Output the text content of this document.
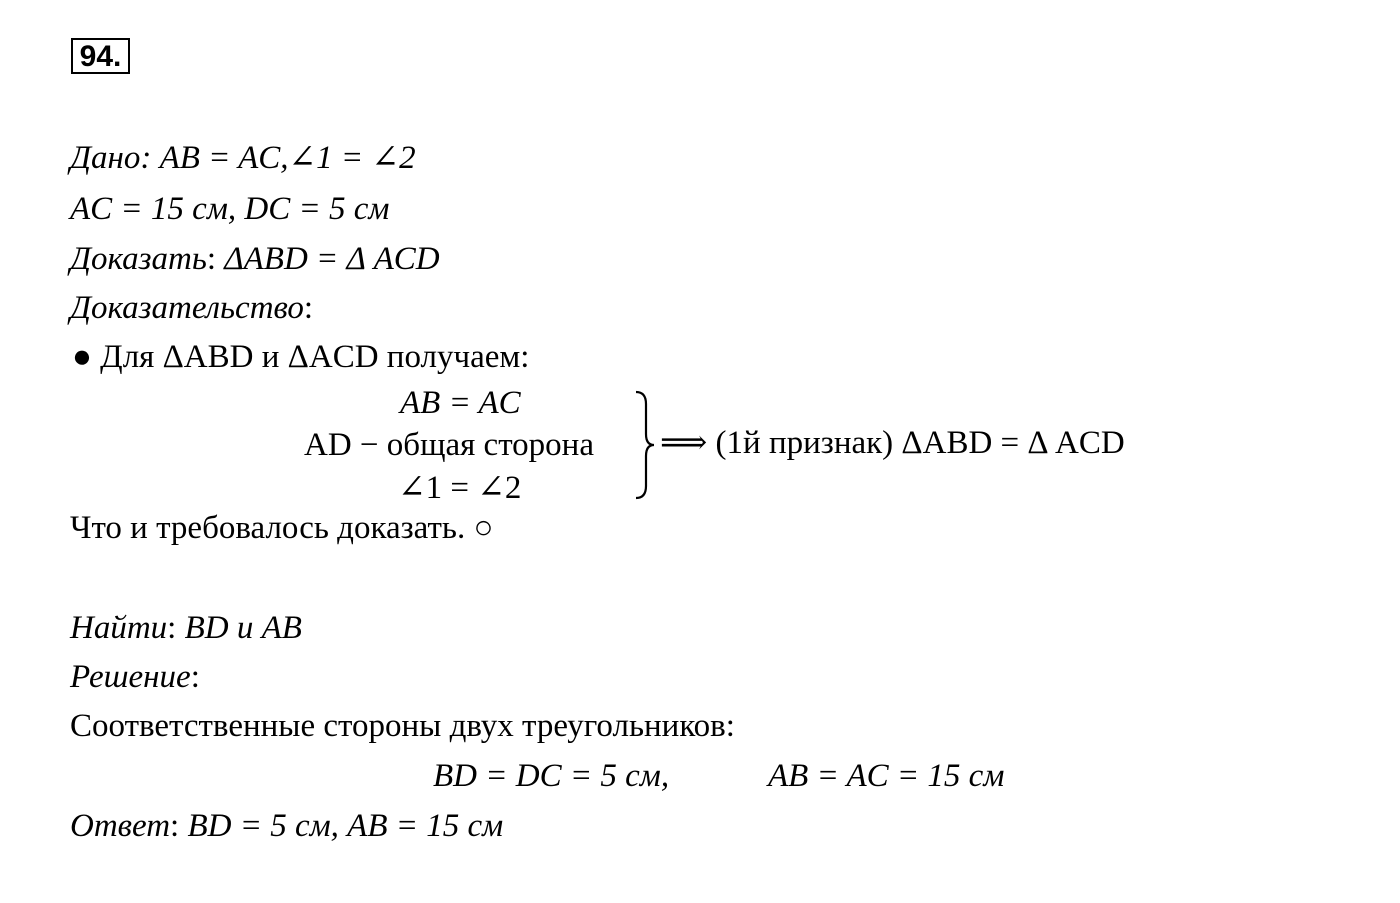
94.
Дано: AB = AC,∠1 = ∠2
AC = 15 см, DC = 5 см
Доказать: ΔABD = Δ ACD
Доказательство:
● Для ΔABD и ΔACD получаем:
AB = AC
AD − общая сторона
∠1 = ∠2
⟹ (1й признак) ΔABD = Δ ACD
Что и требовалось доказать. ○
Найти: BD и AB
Решение:
Соответственные стороны двух треугольников:
BD = DC = 5 см,	AB = AC = 15 см
Ответ: BD = 5 см, AB = 15 см
